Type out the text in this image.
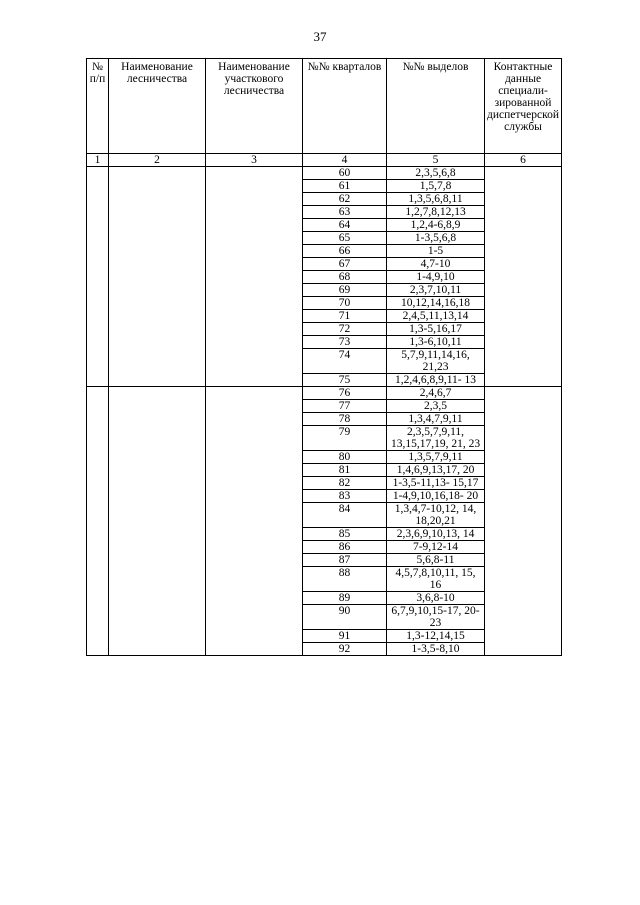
37
№ п/п	Наименование лесничества	Наименование участкового лесничества	№№ кварталов	№№ выделов	Контактные данные специали-зированной диспетчерской службы
1	2	3	4	5	6
			60	2,3,5,6,8	
			61	1,5,7,8	
			62	1,3,5,6,8,11	
			63	1,2,7,8,12,13	
			64	1,2,4-6,8,9	
			65	1-3,5,6,8	
			66	1-5	
			67	4,7-10	
			68	1-4,9,10	
			69	2,3,7,10,11	
			70	10,12,14,16,18	
			71	2,4,5,11,13,14	
			72	1,3-5,16,17	
			73	1,3-6,10,11	
			74	5,7,9,11,14,16, 21,23	
			75	1,2,4,6,8,9,11- 13	
			76	2,4,6,7	
			77	2,3,5	
			78	1,3,4,7,9,11	
			79	2,3,5,7,9,11, 13,15,17,19, 21, 23	
			80	1,3,5,7,9,11	
			81	1,4,6,9,13,17, 20	
			82	1-3,5-11,13- 15,17	
			83	1-4,9,10,16,18- 20	
			84	1,3,4,7-10,12, 14, 18,20,21	
			85	2,3,6,9,10,13, 14	
			86	7-9,12-14	
			87	5,6,8-11	
			88	4,5,7,8,10,11, 15, 16	
			89	3,6,8-10	
			90	6,7,9,10,15-17, 20-23	
			91	1,3-12,14,15	
			92	1-3,5-8,10	
